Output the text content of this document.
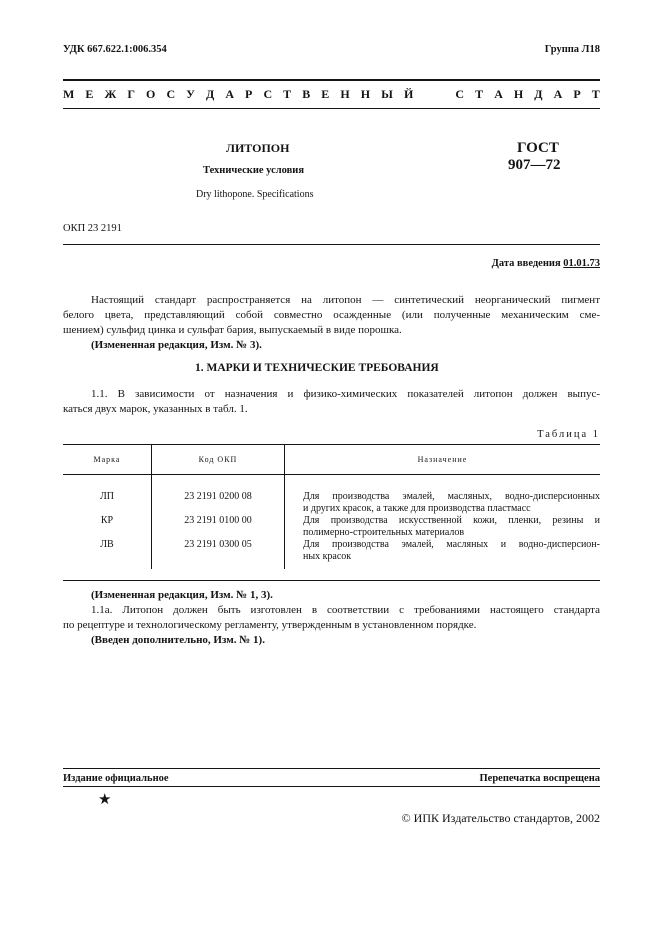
УДК 667.622.1:006.354	Группа Л18
М Е Ж Г О С У Д А Р С Т В Е Н Н Ы Й	С Т А Н Д А Р Т
ЛИТОПОН
Технические условия
Dry lithopone. Specifications
ГОСТ
907—72
ОКП 23 2191
Дата введения 01.01.73
Настоящий стандарт распространяется на литопон — синтетический неорганический пигмент
белого цвета, представляющий собой совместно осажденные (или полученные механическим сме-
шением) сульфид цинка и сульфат бария, выпускаемый в виде порошка.
(Измененная редакция, Изм. № 3).
1. МАРКИ И ТЕХНИЧЕСКИЕ ТРЕБОВАНИЯ
1.1. В зависимости от назначения и физико-химических показателей литопон должен выпус-
каться двух марок, указанных в табл. 1.
Таблица 1
Марка	Код ОКП	Назначение
ЛП	23 2191 0200 08	Для производства эмалей, масляных, водно-дисперсионных
и других красок, а также для производства пластмасс

КР	23 2191 0100 00	Для производства искусственной кожи, пленки, резины и
полимерно-строительных материалов

ЛВ	23 2191 0300 05	Для производства эмалей, масляных и водно-дисперсион-
ных красок
(Измененная редакция, Изм. № 1, 3).
1.1а. Литопон должен быть изготовлен в соответствии с требованиями настоящего стандарта
по рецептуре и технологическому регламенту, утвержденным в установленном порядке.
(Введен дополнительно, Изм. № 1).
Издание официальное	Перепечатка воспрещена
★
© ИПК Издательство стандартов, 2002
